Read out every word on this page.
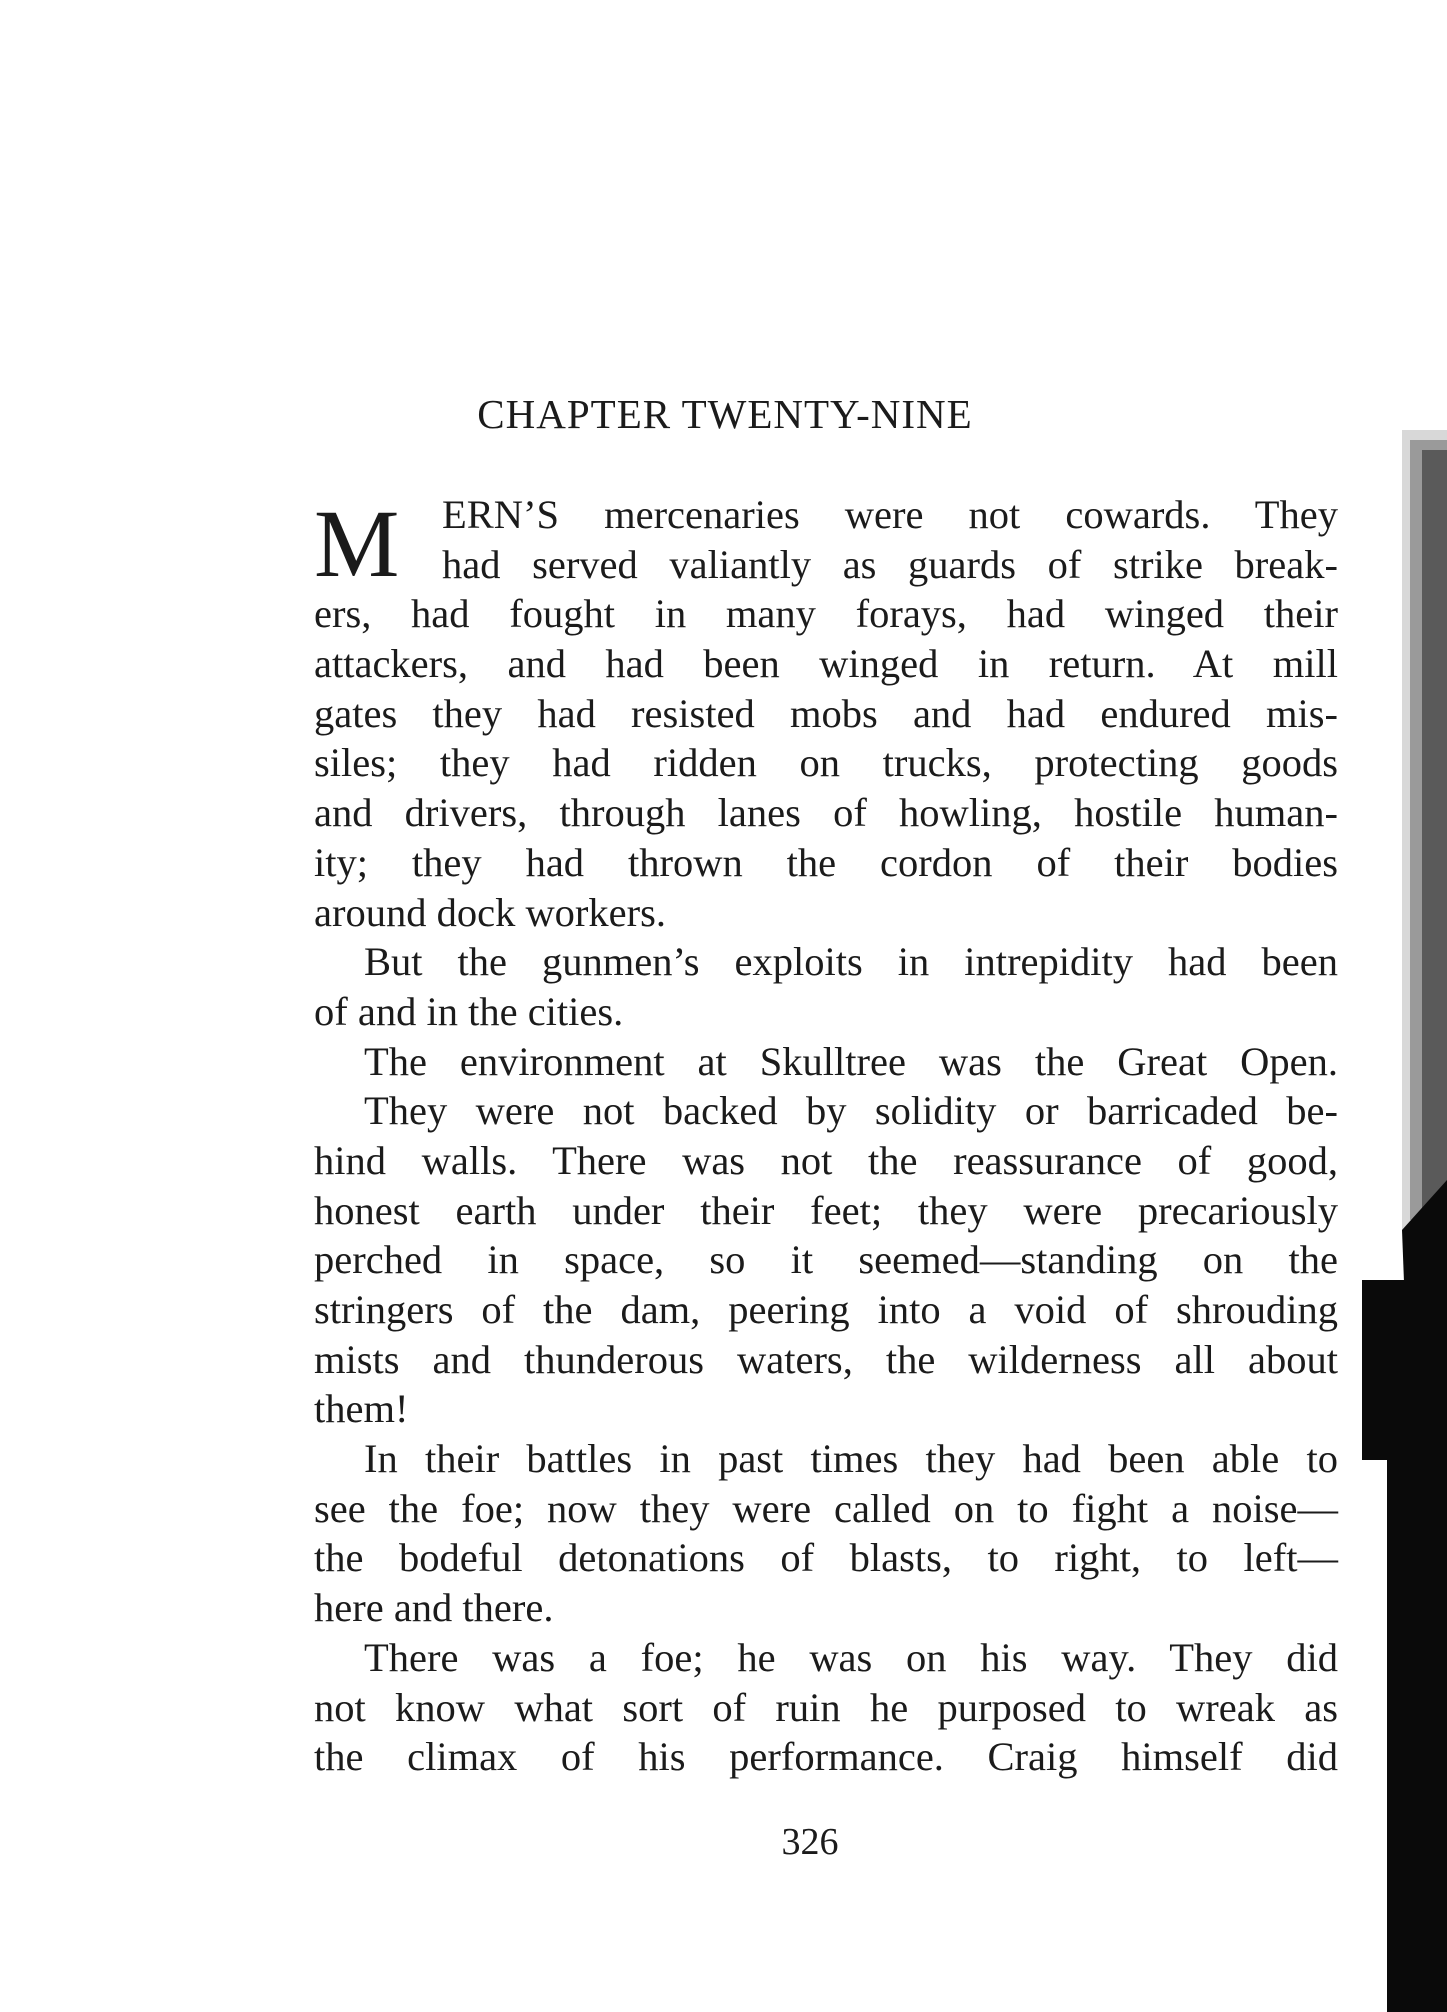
CHAPTER TWENTY-NINE
M	ERN’S mercenaries were not cowards. They
had served valiantly as guards of strike break-
ers, had fought in many forays, had winged their
attackers, and had been winged in return. At mill
gates they had resisted mobs and had endured mis-
siles; they had ridden on trucks, protecting goods
and drivers, through lanes of howling, hostile human-
ity; they had thrown the cordon of their bodies
around dock workers.
But the gunmen’s exploits in intrepidity had been
of and in the cities.
The environment at Skulltree was the Great Open.
They were not backed by solidity or barricaded be-
hind walls. There was not the reassurance of good,
honest earth under their feet; they were precariously
perched in space, so it seemed—standing on the
stringers of the dam, peering into a void of shrouding
mists and thunderous waters, the wilderness all about
them!
In their battles in past times they had been able to
see the foe; now they were called on to fight a noise—
the bodeful detonations of blasts, to right, to left—
here and there.
There was a foe; he was on his way. They did
not know what sort of ruin he purposed to wreak as
the climax of his performance. Craig himself did
326
